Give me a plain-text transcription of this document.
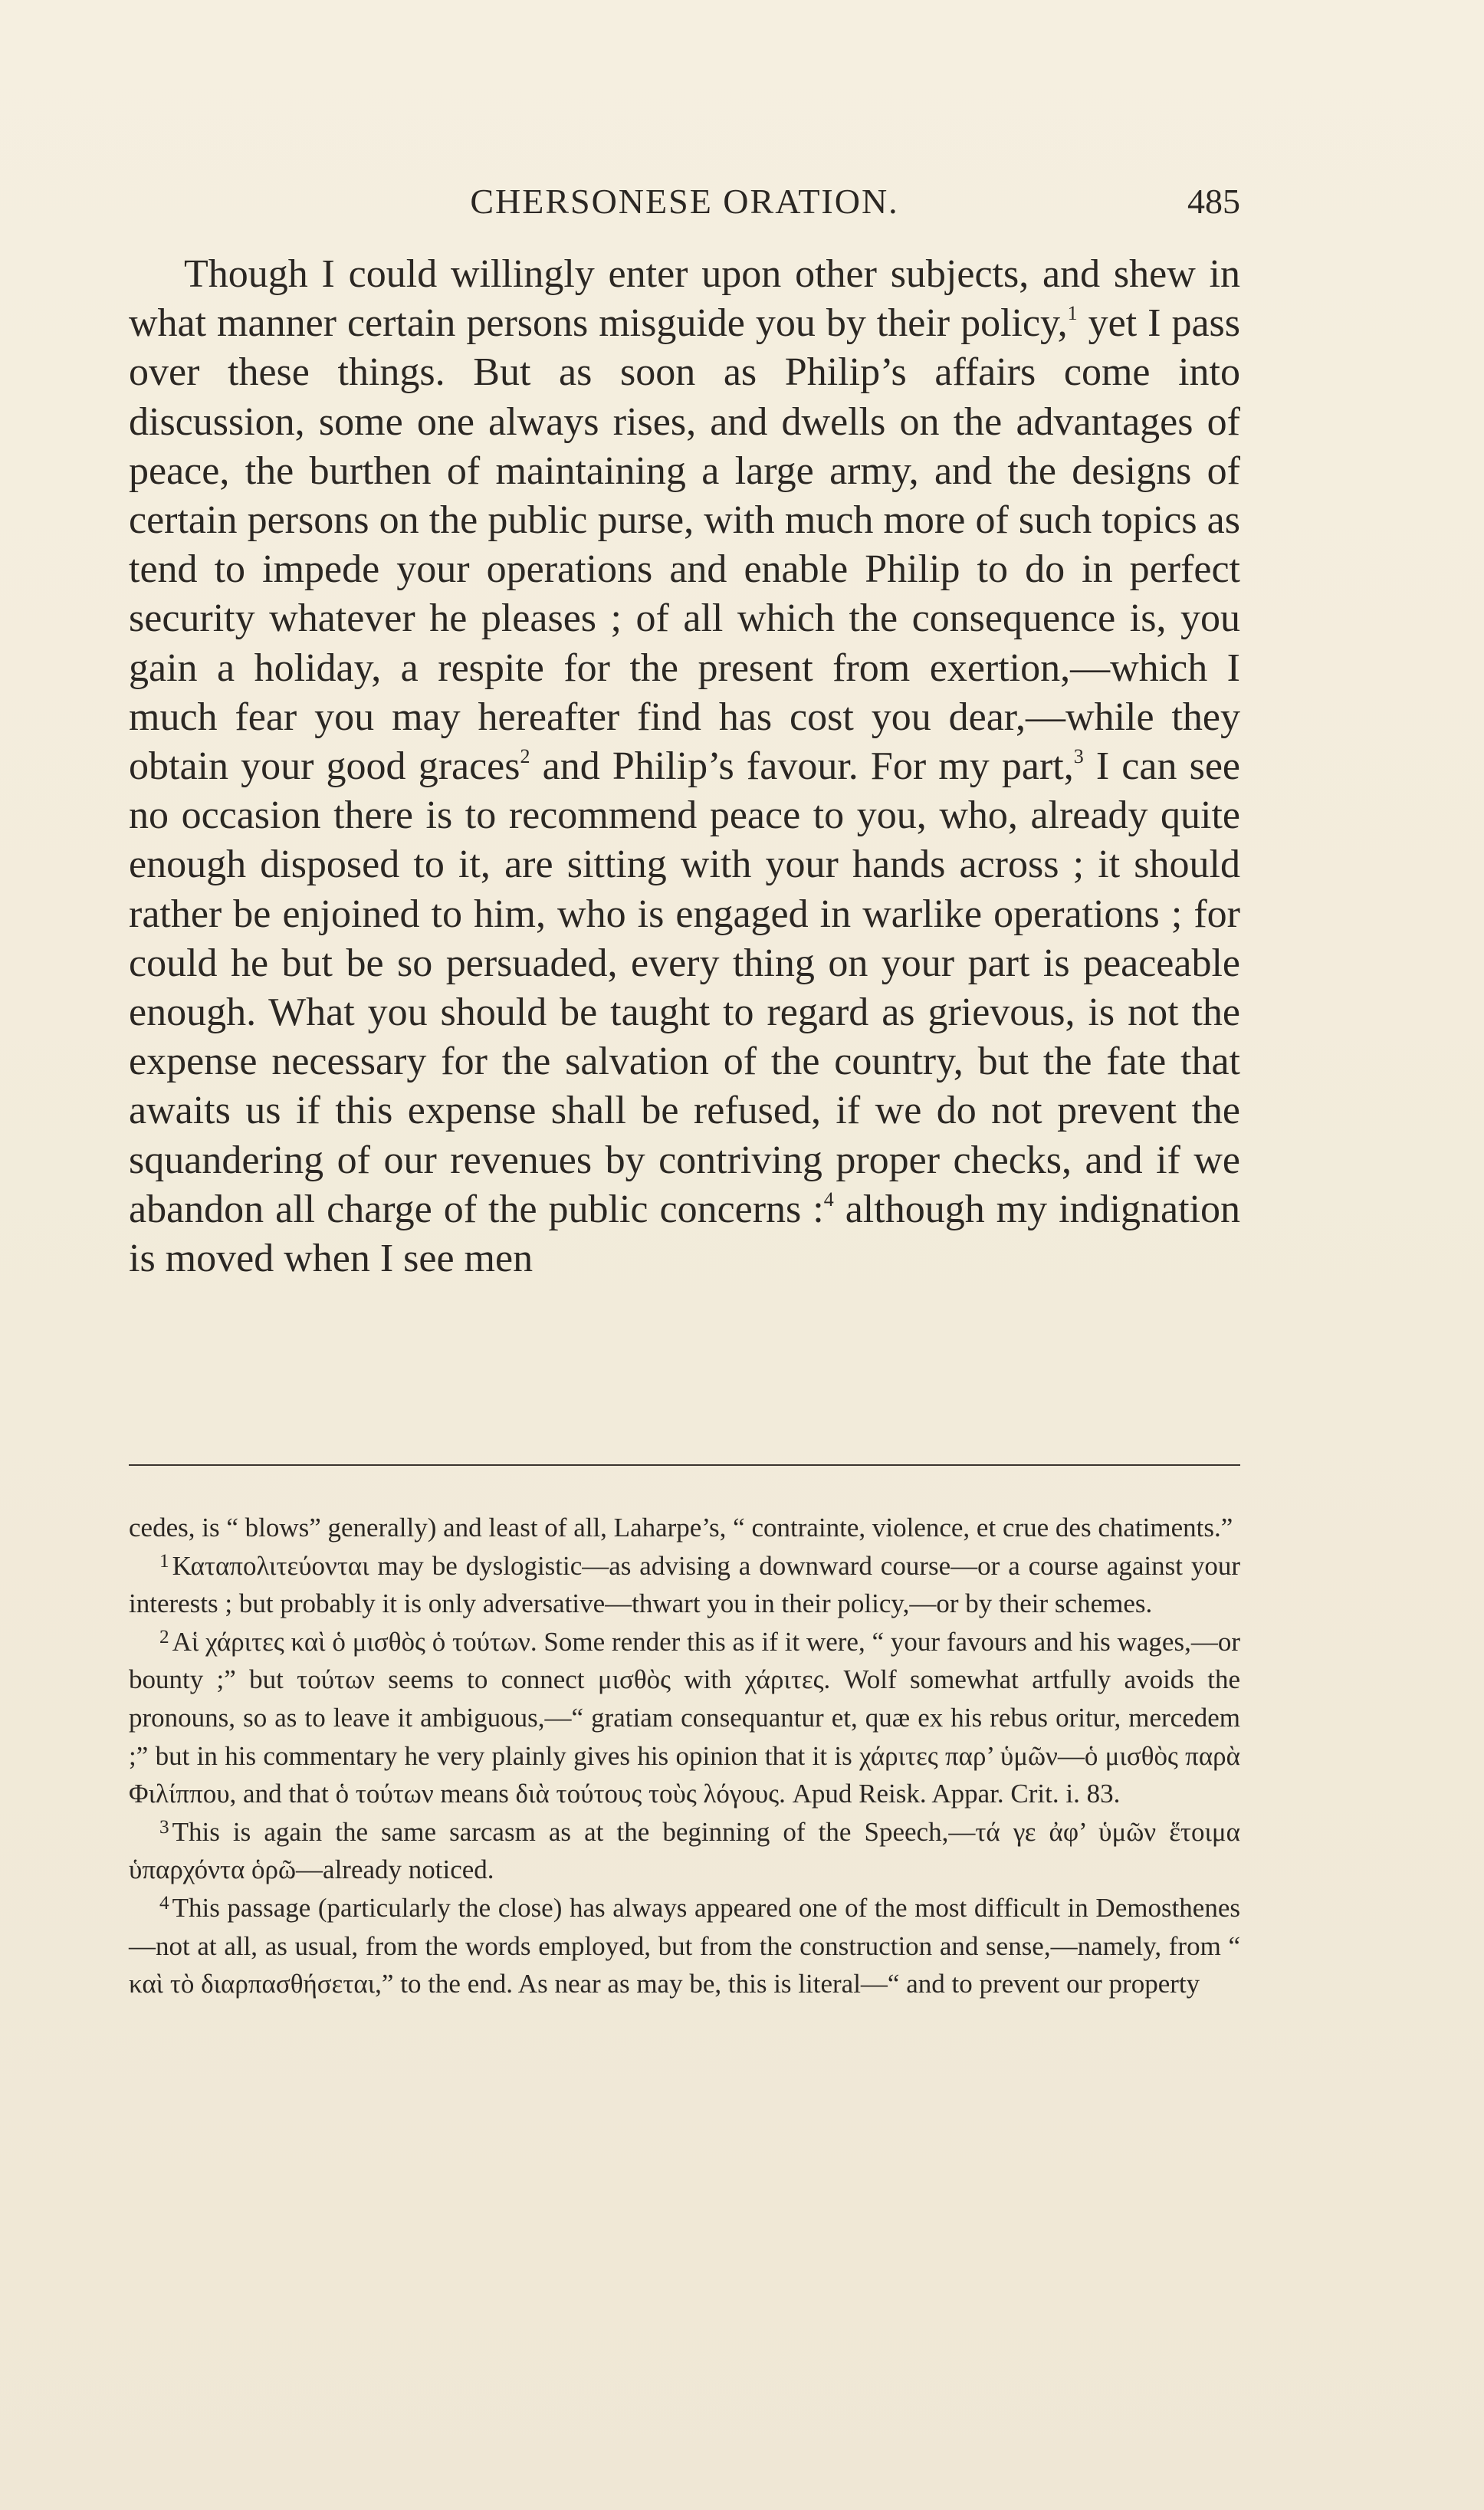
CHERSONESE ORATION.	485

Though I could willingly enter upon other subjects, and shew in what manner certain persons misguide you by their policy,$^1$ yet I pass over these things. But as soon as Philip’s affairs come into discussion, some one always rises, and dwells on the advantages of peace, the burthen of maintaining a large army, and the designs of certain persons on the public purse, with much more of such topics as tend to impede your operations and enable Philip to do in perfect security whatever he pleases ; of all which the consequence is, you gain a holiday, a respite for the present from exertion,—which I much fear you may hereafter find has cost you dear,—while they obtain your good graces$^2$ and Philip’s favour. For my part,$^3$ I can see no occasion there is to recommend peace to you, who, already quite enough disposed to it, are sitting with your hands across ; it should rather be enjoined to him, who is engaged in warlike operations ; for could he but be so persuaded, every thing on your part is peaceable enough. What you should be taught to regard as grievous, is not the expense necessary for the salvation of the country, but the fate that awaits us if this expense shall be refused, if we do not prevent the squandering of our revenues by contriving proper checks, and if we abandon all charge of the public concerns :$^4$ although my indignation is moved when I see men

cedes, is “ blows” generally) and least of all, Laharpe’s, “ contrainte, violence, et crue des chatiments.”

$^1$ Καταπολιτεύονται may be dyslogistic—as advising a downward course—or a course against your interests ; but probably it is only adversative—thwart you in their policy,—or by their schemes.

$^2$ Αἱ χάριτες καὶ ὁ μισθὸς ὁ τούτων. Some render this as if it were, “ your favours and his wages,—or bounty ;” but τούτων seems to connect μισθὸς with χάριτες. Wolf somewhat artfully avoids the pronouns, so as to leave it ambiguous,—“ gratiam consequantur et, quæ ex his rebus oritur, mercedem ;” but in his commentary he very plainly gives his opinion that it is χάριτες παρ’ ὑμῶν—ὁ μισθὸς παρὰ Φιλίππου, and that ὁ τούτων means διὰ τούτους τοὺς λόγους. Apud Reisk. Appar. Crit. i. 83.

$^3$ This is again the same sarcasm as at the beginning of the Speech,—τά γε ἀφ’ ὑμῶν ἕτοιμα ὑπαρχόντα ὁρῶ—already noticed.

$^4$ This passage (particularly the close) has always appeared one of the most difficult in Demosthenes—not at all, as usual, from the words employed, but from the construction and sense,—namely, from “ καὶ τὸ διαρπασθήσεται,” to the end. As near as may be, this is literal—“ and to prevent our property
